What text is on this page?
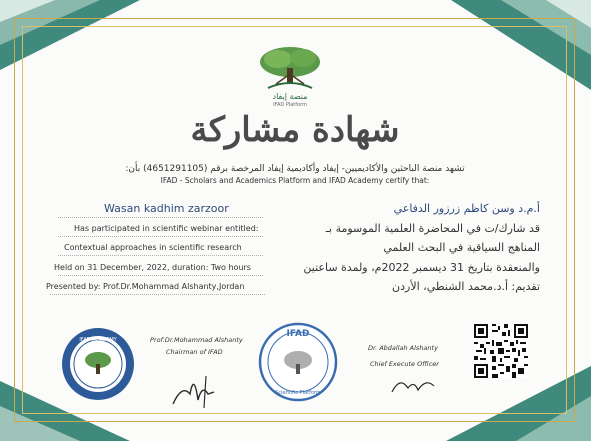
منصة إيفاد
IFAD Platform
شهادة مشاركة
تشهد منصة الباحثين والأكاديميين- إيفاد وأكاديمية إيفاد المرخصة برقم (4651291105) بأن:
IFAD - Scholars and Academics Platform and IFAD Academy certify that:
Wasan kadhim zarzoor
Has participated in scientific webinar entitled:
Contextual approaches in scientific research
Held on 31 December, 2022, duration: Two hours
Presented by: Prof.Dr.Mohammad Alshanty,Jordan
أ.م.د وسن كاظم زرزور الدفاعي
قد شارك/ت في المحاضرة العلمية الموسومة بـ
المناهج السياقية في البحث العلمي
والمنعقدة بتاريخ 31 ديسمبر 2022م، ولمدة ساعتين
تقديم: أ.د.محمد الشنطي، الأردن
IFAD ACADEMY	Prof.Dr.Mohammad Alshanty
Chairman of IFAD
IFAD
Scientific Platform
Dr. Abdallah Alshanty
Chief Execute Officer
